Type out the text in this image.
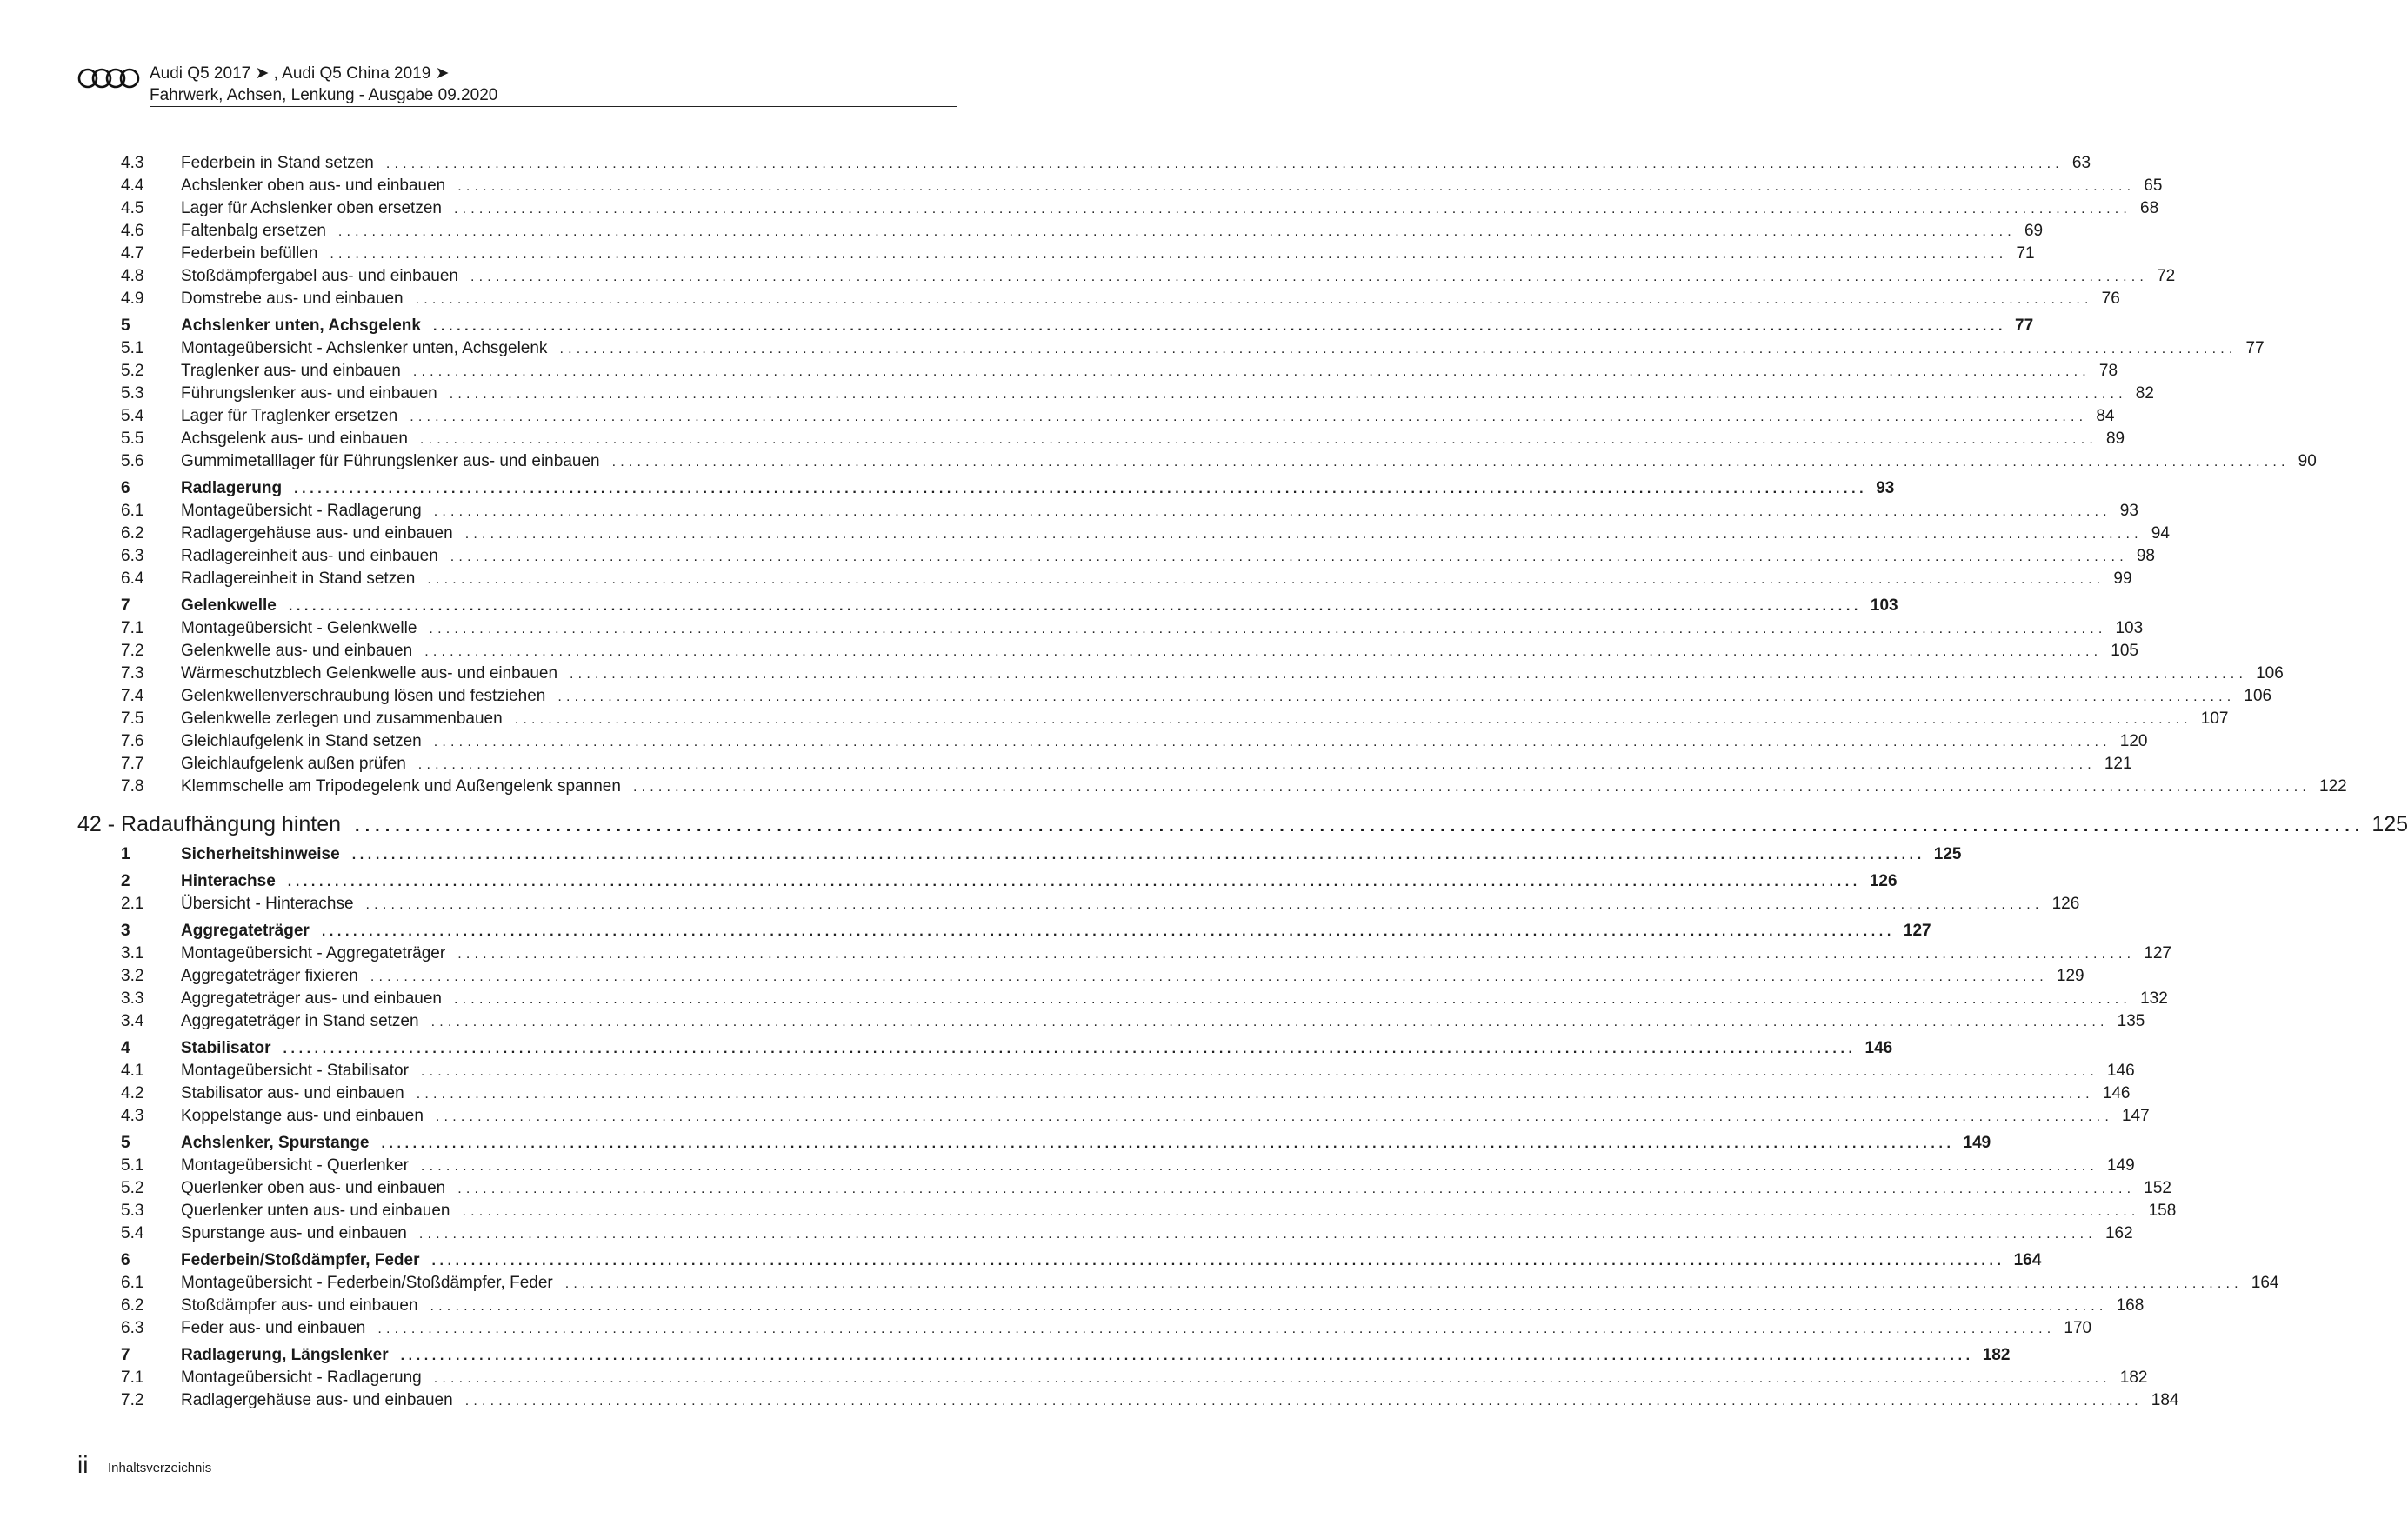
Audi Q5 2017 ➤ , Audi Q5 China 2019 ➤
Fahrwerk, Achsen, Lenkung - Ausgabe 09.2020
4.3 Federbein in Stand setzen ........................................................................................................................................................................................................ 63
4.4 Achslenker oben aus- und einbauen ........................................................................................................................................................................................................ 65
4.5 Lager für Achslenker oben ersetzen ........................................................................................................................................................................................................ 68
4.6 Faltenbalg ersetzen ........................................................................................................................................................................................................ 69
4.7 Federbein befüllen ........................................................................................................................................................................................................ 71
4.8 Stoßdämpfergabel aus- und einbauen ........................................................................................................................................................................................................ 72
4.9 Domstrebe aus- und einbauen ........................................................................................................................................................................................................ 76
5	Achslenker unten, Achsgelenk ........................................................................................................................................................................................................ 77
5.1 Montageübersicht - Achslenker unten, Achsgelenk ........................................................................................................................................................................................................ 77
5.2 Traglenker aus- und einbauen ........................................................................................................................................................................................................ 78
5.3 Führungslenker aus- und einbauen ........................................................................................................................................................................................................ 82
5.4 Lager für Traglenker ersetzen ........................................................................................................................................................................................................ 84
5.5 Achsgelenk aus- und einbauen ........................................................................................................................................................................................................ 89
5.6 Gummimetalllager für Führungslenker aus- und einbauen ........................................................................................................................................................................................................ 90
6	Radlagerung ........................................................................................................................................................................................................ 93
6.1 Montageübersicht - Radlagerung ........................................................................................................................................................................................................ 93
6.2 Radlagergehäuse aus- und einbauen ........................................................................................................................................................................................................ 94
6.3 Radlagereinheit aus- und einbauen ........................................................................................................................................................................................................ 98
6.4 Radlagereinheit in Stand setzen ........................................................................................................................................................................................................ 99
7	Gelenkwelle ........................................................................................................................................................................................................ 103
7.1 Montageübersicht - Gelenkwelle ........................................................................................................................................................................................................ 103
7.2 Gelenkwelle aus- und einbauen ........................................................................................................................................................................................................ 105
7.3 Wärmeschutzblech Gelenkwelle aus- und einbauen ........................................................................................................................................................................................................ 106
7.4 Gelenkwellenverschraubung lösen und festziehen ........................................................................................................................................................................................................ 106
7.5 Gelenkwelle zerlegen und zusammenbauen ........................................................................................................................................................................................................ 107
7.6 Gleichlaufgelenk in Stand setzen ........................................................................................................................................................................................................ 120
7.7 Gleichlaufgelenk außen prüfen ........................................................................................................................................................................................................ 121
7.8 Klemmschelle am Tripodegelenk und Außengelenk spannen ........................................................................................................................................................................................................ 122
42 - Radaufhängung hinten ........................................................................................................................................................................................................ 125
1	Sicherheitshinweise ........................................................................................................................................................................................................ 125
2	Hinterachse ........................................................................................................................................................................................................ 126
2.1 Übersicht - Hinterachse ........................................................................................................................................................................................................ 126
3	Aggregateträger ........................................................................................................................................................................................................ 127
3.1 Montageübersicht - Aggregateträger ........................................................................................................................................................................................................ 127
3.2 Aggregateträger fixieren ........................................................................................................................................................................................................ 129
3.3 Aggregateträger aus- und einbauen ........................................................................................................................................................................................................ 132
3.4 Aggregateträger in Stand setzen ........................................................................................................................................................................................................ 135
4	Stabilisator ........................................................................................................................................................................................................ 146
4.1 Montageübersicht - Stabilisator ........................................................................................................................................................................................................ 146
4.2 Stabilisator aus- und einbauen ........................................................................................................................................................................................................ 146
4.3 Koppelstange aus- und einbauen ........................................................................................................................................................................................................ 147
5	Achslenker, Spurstange ........................................................................................................................................................................................................ 149
5.1 Montageübersicht - Querlenker ........................................................................................................................................................................................................ 149
5.2 Querlenker oben aus- und einbauen ........................................................................................................................................................................................................ 152
5.3 Querlenker unten aus- und einbauen ........................................................................................................................................................................................................ 158
5.4 Spurstange aus- und einbauen ........................................................................................................................................................................................................ 162
6	Federbein/Stoßdämpfer, Feder ........................................................................................................................................................................................................ 164
6.1 Montageübersicht - Federbein/Stoßdämpfer, Feder ........................................................................................................................................................................................................ 164
6.2 Stoßdämpfer aus- und einbauen ........................................................................................................................................................................................................ 168
6.3 Feder aus- und einbauen ........................................................................................................................................................................................................ 170
7	Radlagerung, Längslenker ........................................................................................................................................................................................................ 182
7.1 Montageübersicht - Radlagerung ........................................................................................................................................................................................................ 182
7.2 Radlagergehäuse aus- und einbauen ........................................................................................................................................................................................................ 184
ii Inhaltsverzeichnis
